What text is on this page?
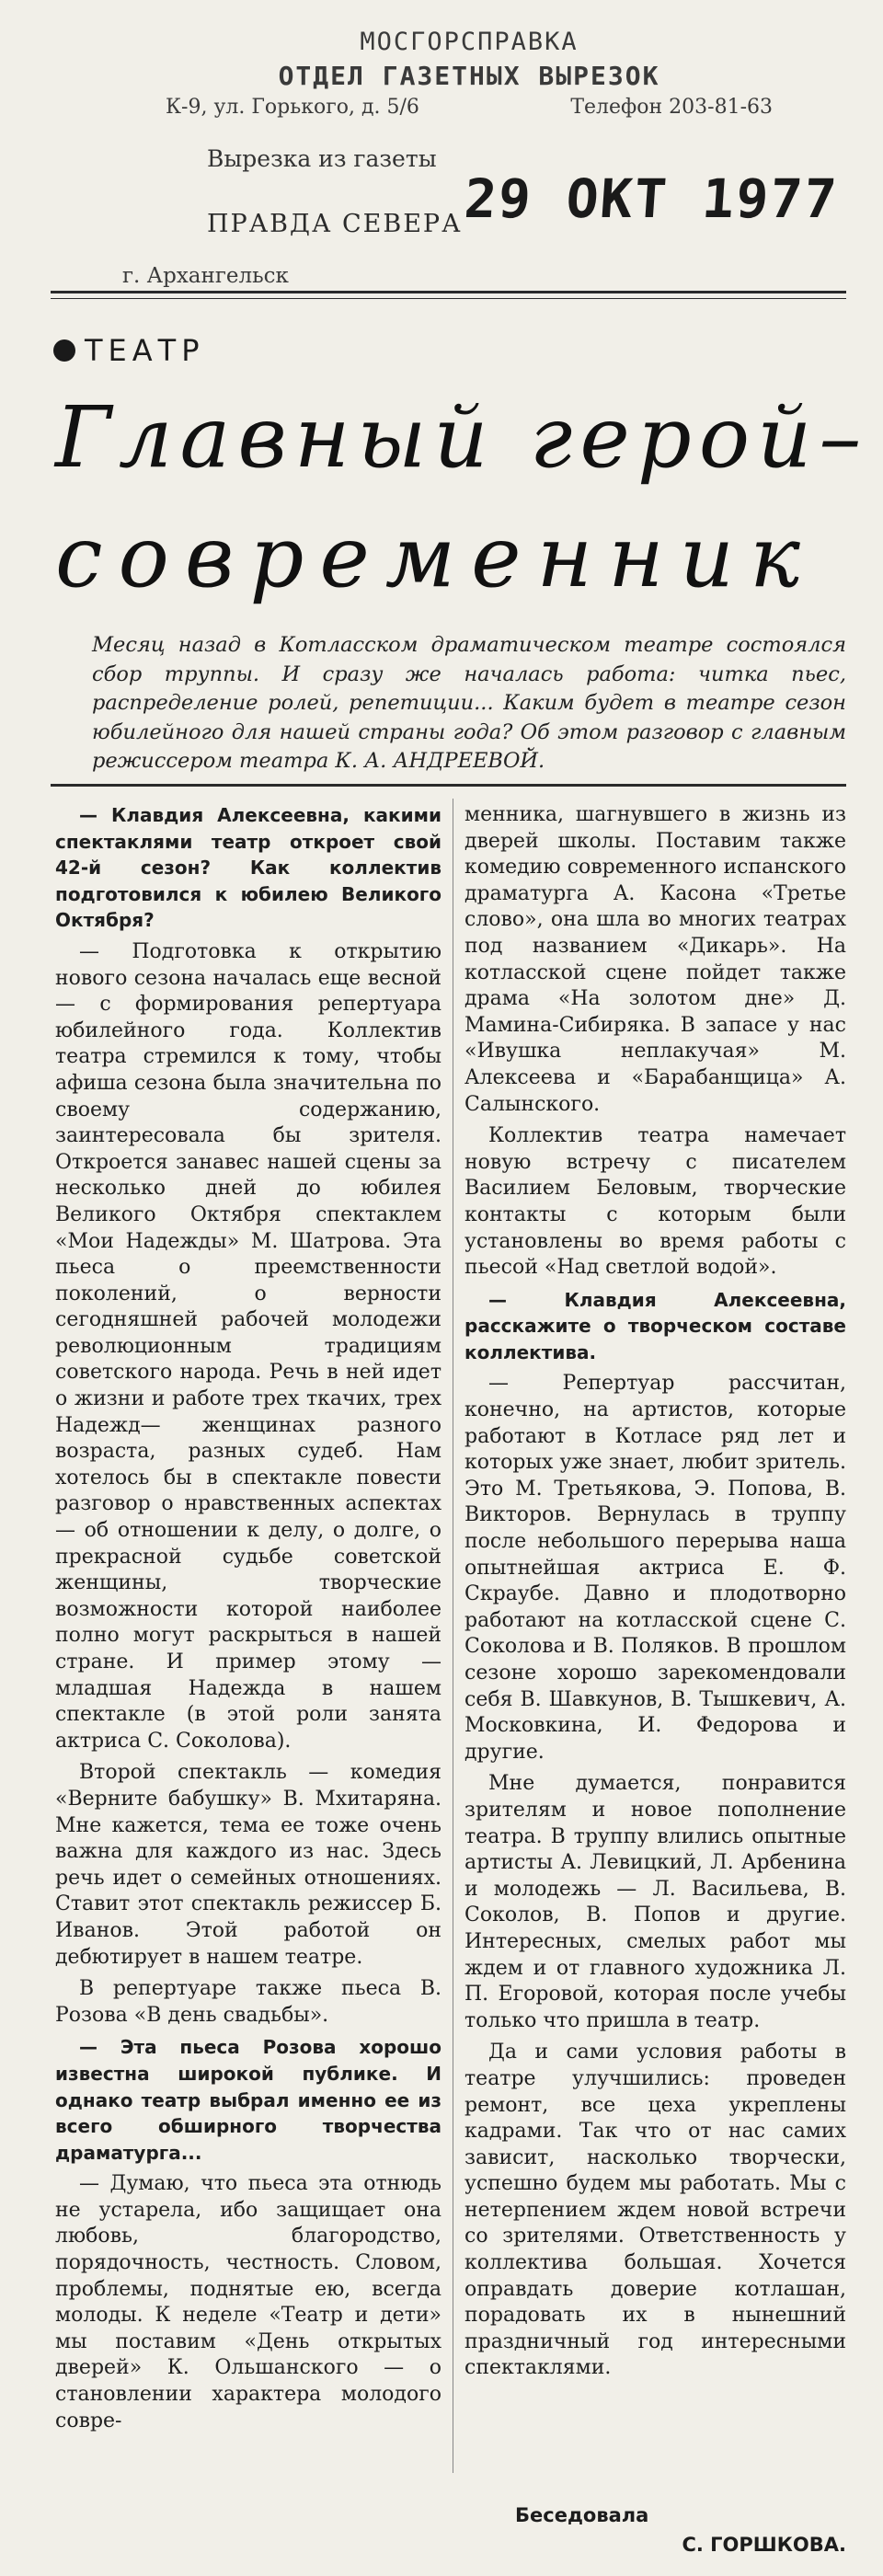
МОСГОРСПРАВКА
ОТДЕЛ ГАЗЕТНЫХ ВЫРЕЗОК
К-9, ул. Горького, д. 5/6	Телефон 203-81-63
Вырезка из газеты
29 ОКТ 1977
ПРАВДА СЕВЕРА
г. Архангельск
ТЕАТР
Главный герой–
современник
Месяц назад в Котласском драматическом театре состоялся сбор труппы. И сразу же началась работа: читка пьес, распределение ролей, репетиции... Каким будет в театре сезон юбилейного для нашей страны года? Об этом разговор с главным режиссером театра К. А. АНДРЕЕВОЙ.

— Клавдия Алексеевна, какими спектаклями театр откроет свой 42-й сезон? Как коллектив подготовился к юбилею Великого Октября?

— Подготовка к открытию нового сезона началась еще весной — с формирования репертуара юбилейного года. Коллектив театра стремился к тому, чтобы афиша сезона была значительна по своему содержанию, заинтересовала бы зрителя. Откроется занавес нашей сцены за несколько дней до юбилея Великого Октября спектаклем «Мои Надежды» М. Шатрова. Эта пьеса о преемственности поколений, о верности сегодняшней рабочей молодежи революционным традициям советского народа. Речь в ней идет о жизни и работе трех ткачих, трех Надежд— женщинах разного возраста, разных судеб. Нам хотелось бы в спектакле повести разговор о нравственных аспектах — об отношении к делу, о долге, о прекрасной судьбе советской женщины, творческие возможности которой наиболее полно могут раскрыться в нашей стране. И пример этому — младшая Надежда в нашем спектакле (в этой роли занята актриса С. Соколова).

Второй спектакль — комедия «Верните бабушку» В. Мхитаряна. Мне кажется, тема ее тоже очень важна для каждого из нас. Здесь речь идет о семейных отношениях. Ставит этот спектакль режиссер Б. Иванов. Этой работой он дебютирует в нашем театре.

В репертуаре также пьеса В. Розова «В день свадьбы».

— Эта пьеса Розова хорошо известна широкой публике. И однако театр выбрал именно ее из всего обширного творчества драматурга...

— Думаю, что пьеса эта отнюдь не устарела, ибо защищает она любовь, благородство, порядочность, честность. Словом, проблемы, поднятые ею, всегда молоды. К неделе «Театр и дети» мы поставим «День открытых дверей» К. Ольшанского — о становлении характера молодого совре-

менника, шагнувшего в жизнь из дверей школы. Поставим также комедию современного испанского драматурга А. Касона «Третье слово», она шла во многих театрах под названием «Дикарь». На котласской сцене пойдет также драма «На золотом дне» Д. Мамина-Сибиряка. В запасе у нас «Ивушка неплакучая» М. Алексеева и «Барабанщица» А. Салынского.

Коллектив театра намечает новую встречу с писателем Василием Беловым, творческие контакты с которым были установлены во время работы с пьесой «Над светлой водой».

— Клавдия Алексеевна, расскажите о творческом составе коллектива.

— Репертуар рассчитан, конечно, на артистов, которые работают в Котласе ряд лет и которых уже знает, любит зритель. Это М. Третьякова, Э. Попова, В. Викторов. Вернулась в труппу после небольшого перерыва наша опытнейшая актриса Е. Ф. Скраубе. Давно и плодотворно работают на котласской сцене С. Соколова и В. Поляков. В прошлом сезоне хорошо зарекомендовали себя В. Шавкунов, В. Тышкевич, А. Московкина, И. Федорова и другие.

Мне думается, понравится зрителям и новое пополнение театра. В труппу влились опытные артисты А. Левицкий, Л. Арбенина и молодежь — Л. Васильева, В. Соколов, В. Попов и другие. Интересных, смелых работ мы ждем и от главного художника Л. П. Егоровой, которая после учебы только что пришла в театр.

Да и сами условия работы в театре улучшились: проведен ремонт, все цеха укреплены кадрами. Так что от нас самих зависит, насколько творчески, успешно будем мы работать. Мы с нетерпением ждем новой встречи со зрителями. Ответственность у коллектива большая. Хочется оправдать доверие котлашан, порадовать их в нынешний праздничный год интересными спектаклями.

Беседовала
С. ГОРШКОВА.
